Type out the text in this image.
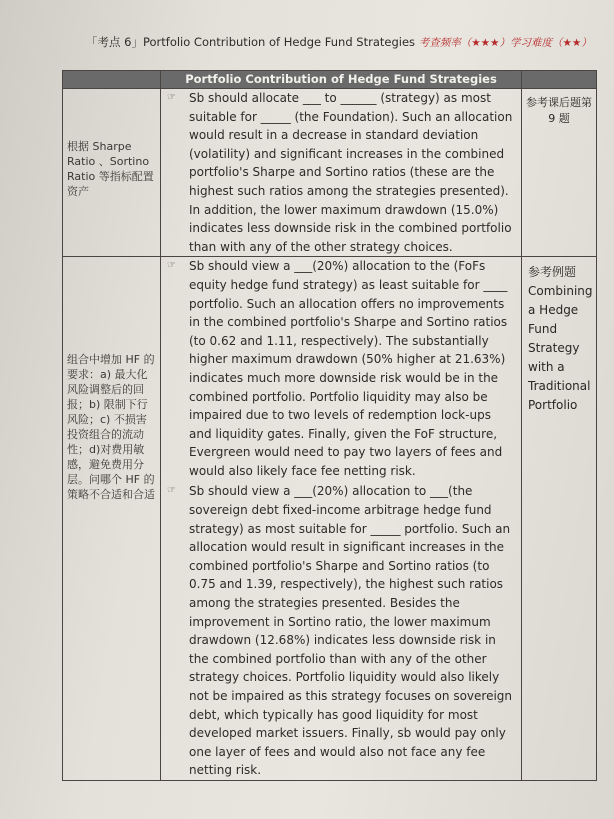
「考点 6」Portfolio Contribution of Hedge Fund Strategies 考查频率（★★★）学习难度（★★）
	Portfolio Contribution of Hedge Fund Strategies	
根据 Sharpe Ratio 、Sortino Ratio 等指标配置资产	☞ Sb should allocate ___ to ______ (strategy) as most suitable for _____ (the Foundation). Such an allocation would result in a decrease in standard deviation (volatility) and significant increases in the combined portfolio's Sharpe and Sortino ratios (these are the highest such ratios among the strategies presented). In addition, the lower maximum drawdown (15.0%) indicates less downside risk in the combined portfolio than with any of the other strategy choices.	参考课后题第 9 题
组合中增加 HF 的要求：a) 最大化风险调整后的回报；b) 限制下行风险；c) 不损害投资组合的流动性；d)对费用敏感，避免费用分层。问哪个 HF 的策略不合适和合适	☞ Sb should view a ___(20%) allocation to the (FoFs equity hedge fund strategy) as least suitable for ____ portfolio. Such an allocation offers no improvements in the combined portfolio's Sharpe and Sortino ratios (to 0.62 and 1.11, respectively). The substantially higher maximum drawdown (50% higher at 21.63%) indicates much more downside risk would be in the combined portfolio. Portfolio liquidity may also be impaired due to two levels of redemption lock-ups and liquidity gates. Finally, given the FoF structure, Evergreen would need to pay two layers of fees and would also likely face fee netting risk.
☞ Sb should view a ___(20%) allocation to ___(the sovereign debt fixed-income arbitrage hedge fund strategy) as most suitable for _____ portfolio. Such an allocation would result in significant increases in the combined portfolio's Sharpe and Sortino ratios (to 0.75 and 1.39, respectively), the highest such ratios among the strategies presented. Besides the improvement in Sortino ratio, the lower maximum drawdown (12.68%) indicates less downside risk in the combined portfolio than with any of the other strategy choices. Portfolio liquidity would also likely not be impaired as this strategy focuses on sovereign debt, which typically has good liquidity for most developed market issuers. Finally, sb would pay only one layer of fees and would also not face any fee netting risk.	参考例题 Combining a Hedge Fund Strategy with a Traditional Portfolio
